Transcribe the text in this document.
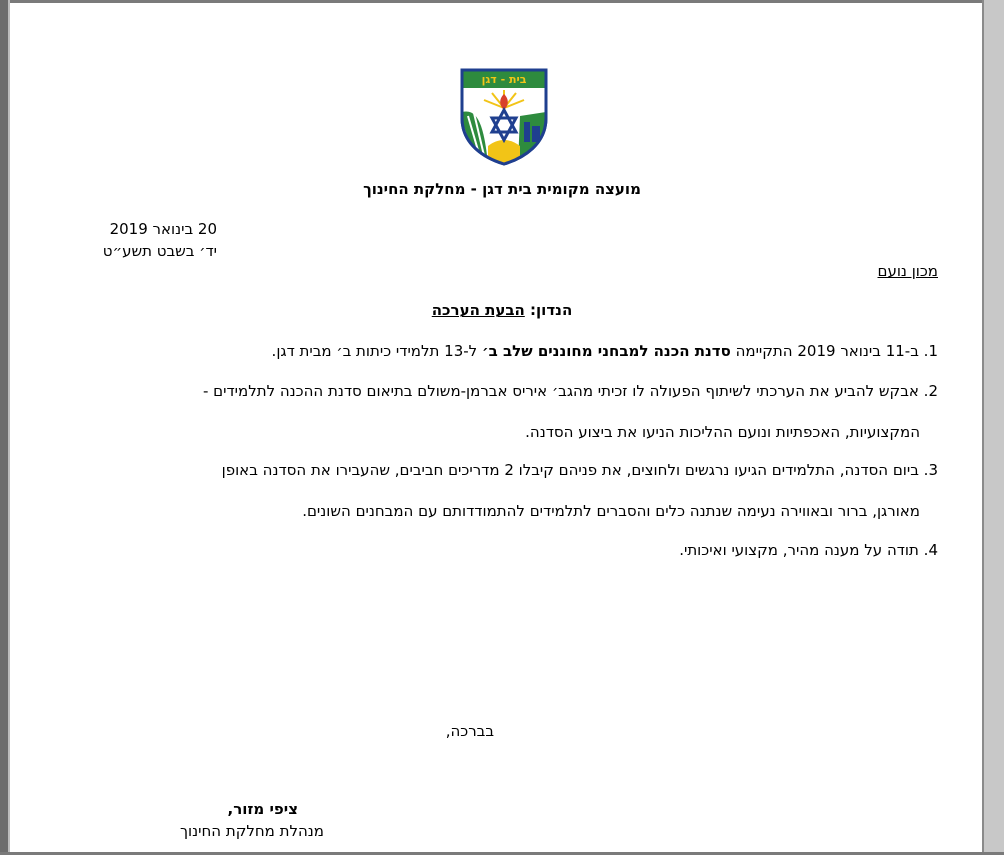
בית - דגן
מועצה מקומית בית דגן - מחלקת החינוך
20 בינואר 2019
יד׳ בשבט תשע״ט
מכון נועם
הנדון: הבעת הערכה
1. ב-11 בינואר 2019 התקיימה סדנת הכנה למבחני מחוננים שלב ב׳ ל-13 תלמידי כיתות ב׳ מבית דגן.
2. אבקש להביע את הערכתי לשיתוף הפעולה לו זכיתי מהגב׳ איריס אברמן-משולם בתיאום סדנת ההכנה לתלמידים -
המקצועיות, האכפתיות ונועם ההליכות הניעו את ביצוע הסדנה.
3. ביום הסדנה, התלמידים הגיעו נרגשים ולחוצים, את פניהם קיבלו 2 מדריכים חביבים, שהעבירו את הסדנה באופן
מאורגן, ברור ובאווירה נעימה שנתנה כלים והסברים לתלמידים להתמודדותם עם המבחנים השונים.
4. תודה על מענה מהיר, מקצועי ואיכותי.
בברכה,
ציפי מזור,
מנהלת מחלקת החינוך
